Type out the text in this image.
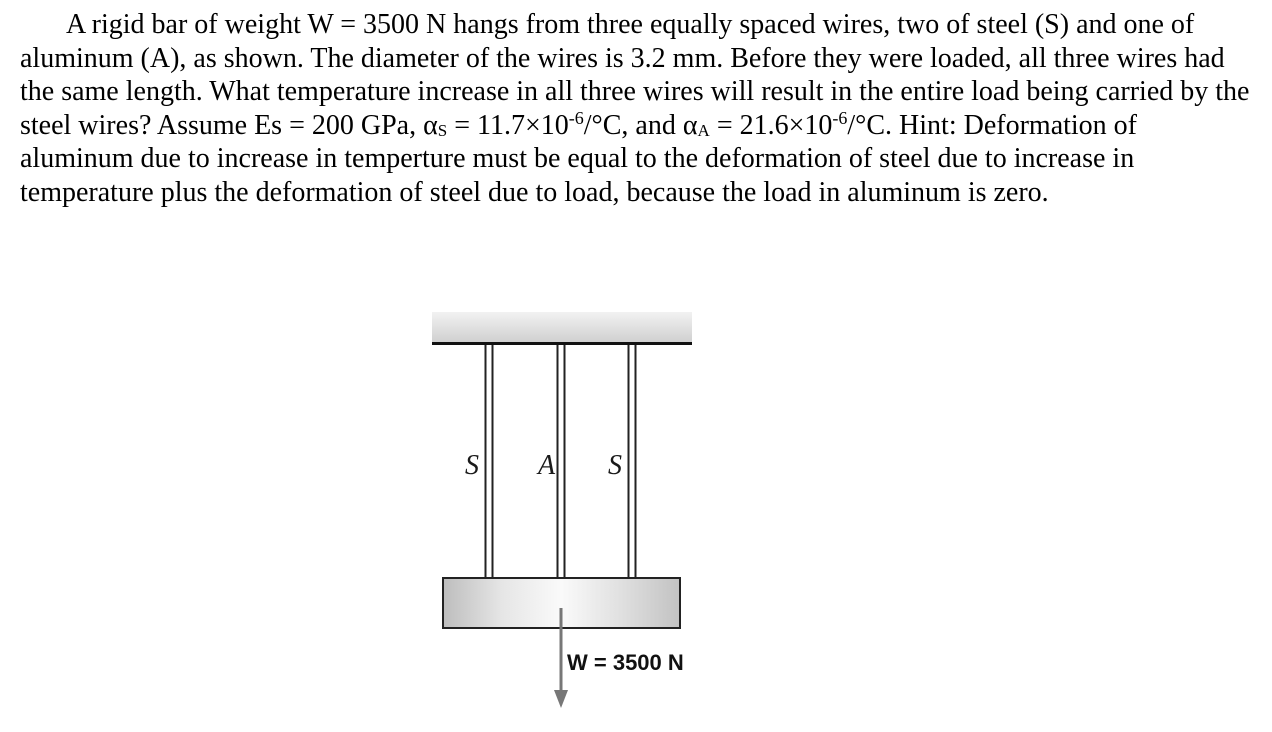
A rigid bar of weight W = 3500 N hangs from three equally spaced wires, two of steel (S) and one of aluminum (A), as shown. The diameter of the wires is 3.2 mm. Before they were loaded, all three wires had the same length. What temperature increase in all three wires will result in the entire load being carried by the steel wires? Assume Es = 200 GPa, $\alpha_S = 11.7\times 10^{-6}/^\circ C$, and $\alpha_A = 21.6\times 10^{-6}/^\circ C$. Hint: Deformation of aluminum due to increase in temperture must be equal to the deformation of steel due to increase in temperature plus the deformation of steel due to load, because the load in aluminum is zero.

S A S
W = 3500 N
